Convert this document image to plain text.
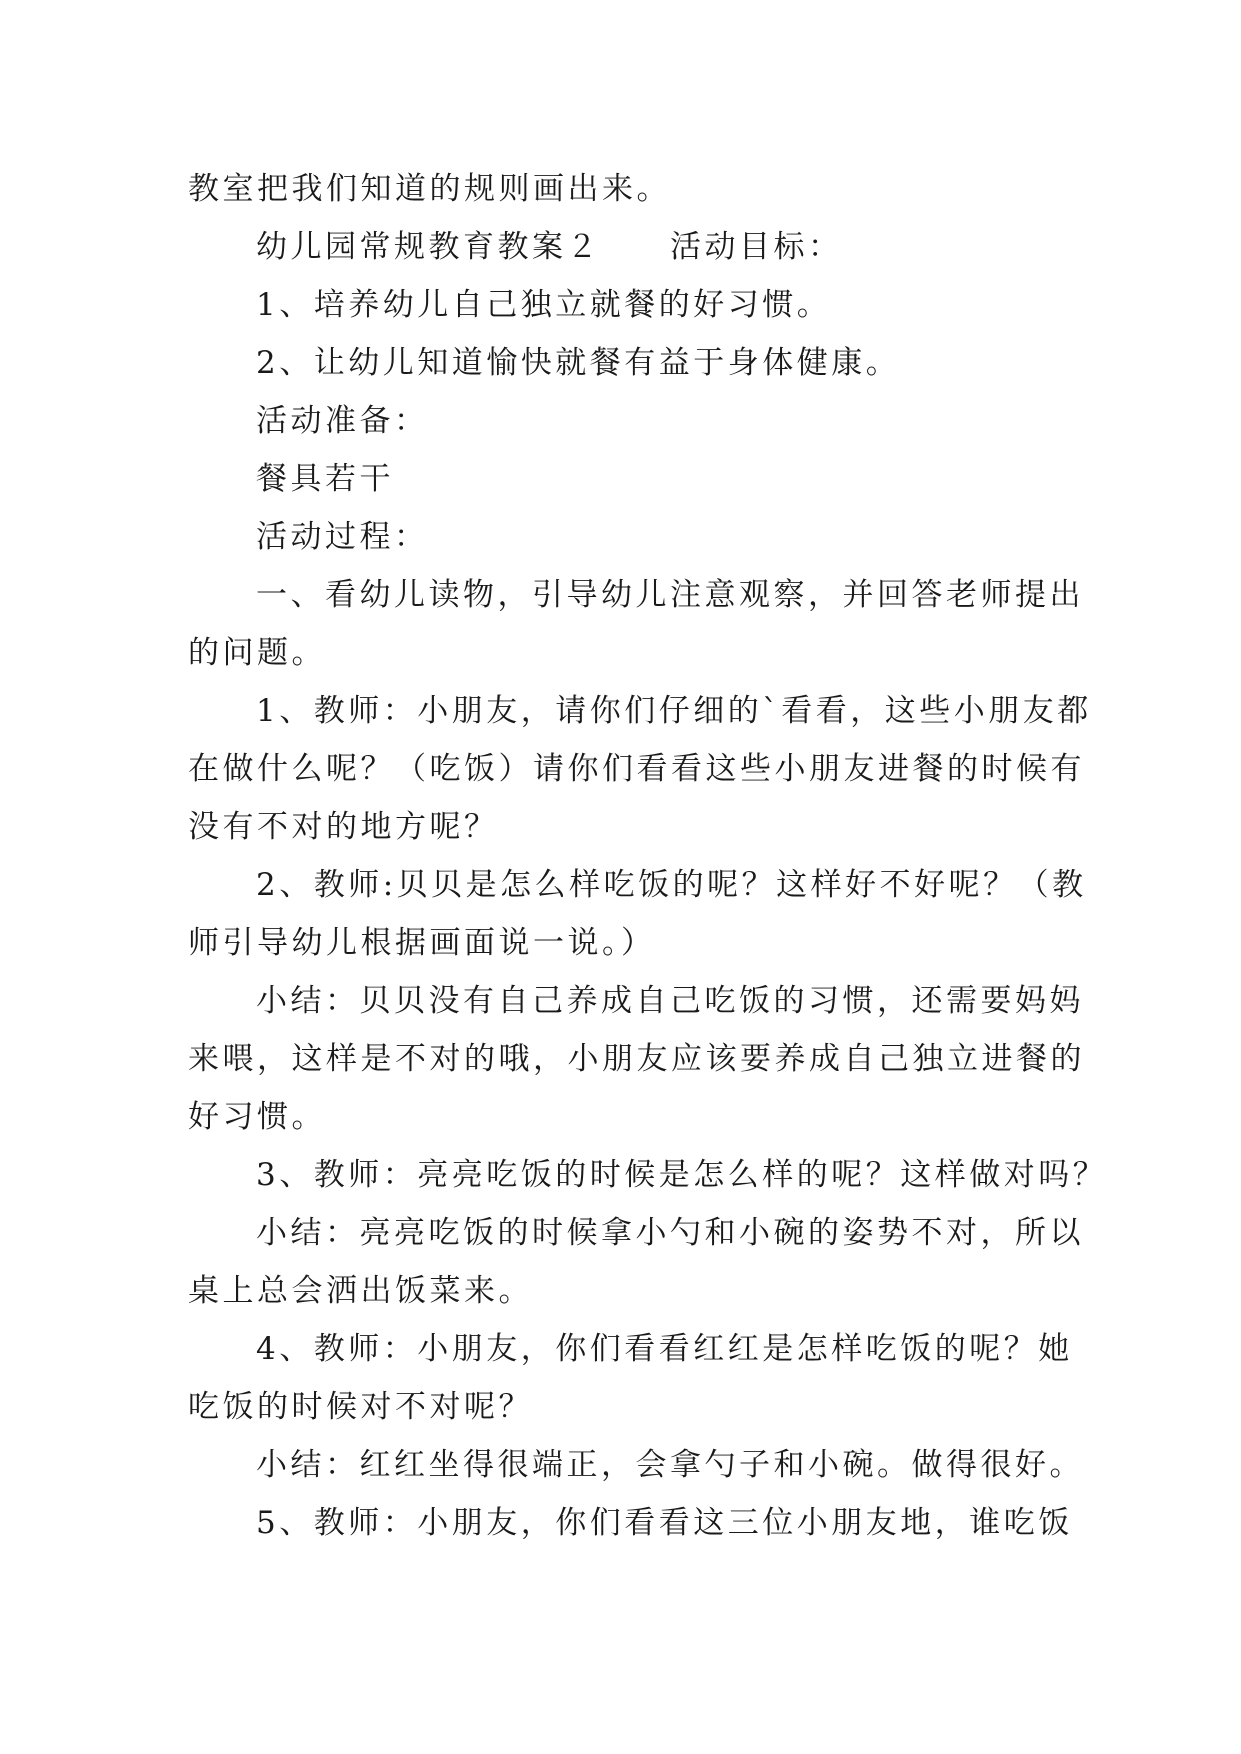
教室把我们知道的规则画出来。

幼儿园常规教育教案２　　活动目标：

1、培养幼儿自己独立就餐的好习惯。

2、让幼儿知道愉快就餐有益于身体健康。

活动准备：

餐具若干

活动过程：

一、看幼儿读物，引导幼儿注意观察，并回答老师提出

的问题。

1、教师：小朋友，请你们仔细的`看看，这些小朋友都

在做什么呢？（吃饭）请你们看看这些小朋友进餐的时候有

没有不对的地方呢？

2、教师:贝贝是怎么样吃饭的呢？这样好不好呢？（教

师引导幼儿根据画面说一说。）

小结：贝贝没有自己养成自己吃饭的习惯，还需要妈妈

来喂，这样是不对的哦，小朋友应该要养成自己独立进餐的

好习惯。

3、教师：亮亮吃饭的时候是怎么样的呢？这样做对吗？

小结：亮亮吃饭的时候拿小勺和小碗的姿势不对，所以

桌上总会洒出饭菜来。

4、教师：小朋友，你们看看红红是怎样吃饭的呢？她

吃饭的时候对不对呢？

小结：红红坐得很端正，会拿勺子和小碗。做得很好。

5、教师：小朋友，你们看看这三位小朋友地，谁吃饭
